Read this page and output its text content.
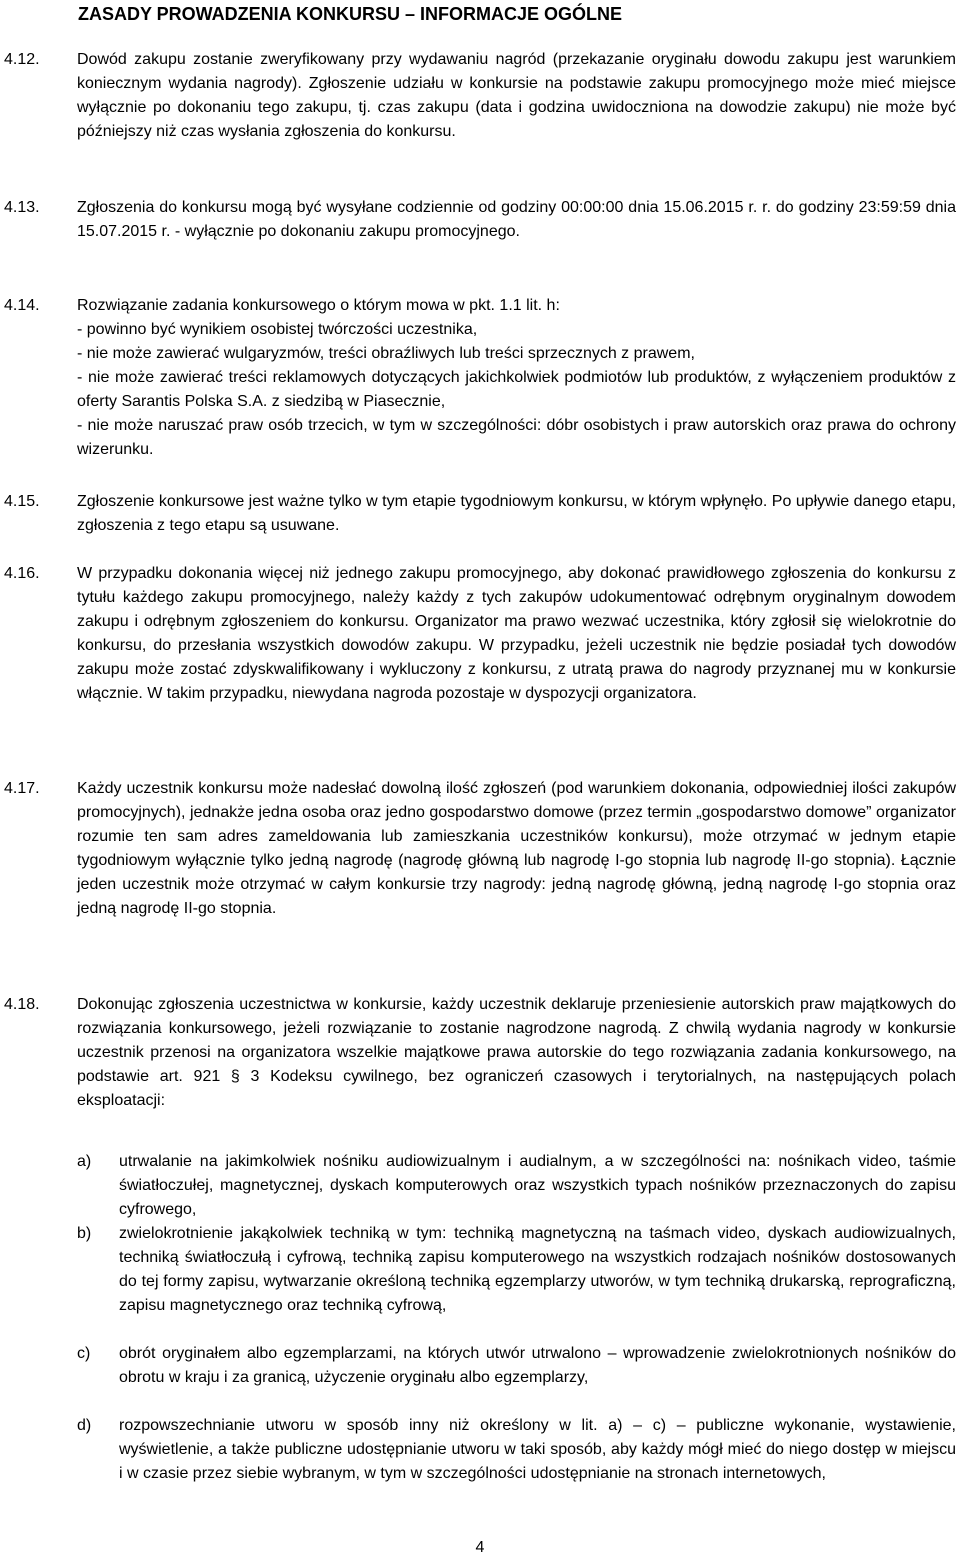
ZASADY PROWADZENIA KONKURSU – INFORMACJE OGÓLNE
4.12. Dowód zakupu zostanie zweryfikowany przy wydawaniu nagród (przekazanie oryginału dowodu zakupu jest warunkiem koniecznym wydania nagrody). Zgłoszenie udziału w konkursie na podstawie zakupu promocyjnego może mieć miejsce wyłącznie po dokonaniu tego zakupu, tj. czas zakupu (data i godzina uwidoczniona na dowodzie zakupu) nie może być późniejszy niż czas wysłania zgłoszenia do konkursu.

4.13. Zgłoszenia do konkursu mogą być wysyłane codziennie od godziny 00:00:00 dnia 15.06.2015 r. r. do godziny 23:59:59 dnia 15.07.2015 r. - wyłącznie po dokonaniu zakupu promocyjnego.

4.14. Rozwiązanie zadania konkursowego o którym mowa w pkt. 1.1 lit. h:

- powinno być wynikiem osobistej twórczości uczestnika,

- nie może zawierać wulgaryzmów, treści obraźliwych lub treści sprzecznych z prawem,

- nie może zawierać treści reklamowych dotyczących jakichkolwiek podmiotów lub produktów, z wyłączeniem produktów z oferty Sarantis Polska S.A. z siedzibą w Piasecznie,

- nie może naruszać praw osób trzecich, w tym w szczególności: dóbr osobistych i praw autorskich oraz prawa do ochrony wizerunku.

4.15. Zgłoszenie konkursowe jest ważne tylko w tym etapie tygodniowym konkursu, w którym wpłynęło. Po upływie danego etapu, zgłoszenia z tego etapu są usuwane.

4.16. W przypadku dokonania więcej niż jednego zakupu promocyjnego, aby dokonać prawidłowego zgłoszenia do konkursu z tytułu każdego zakupu promocyjnego, należy każdy z tych zakupów udokumentować odrębnym oryginalnym dowodem zakupu i odrębnym zgłoszeniem do konkursu. Organizator ma prawo wezwać uczestnika, który zgłosił się wielokrotnie do konkursu, do przesłania wszystkich dowodów zakupu. W przypadku, jeżeli uczestnik nie będzie posiadał tych dowodów zakupu może zostać zdyskwalifikowany i wykluczony z konkursu, z utratą prawa do nagrody przyznanej mu w konkursie włącznie. W takim przypadku, niewydana nagroda pozostaje w dyspozycji organizatora.

4.17. Każdy uczestnik konkursu może nadesłać dowolną ilość zgłoszeń (pod warunkiem dokonania, odpowiedniej ilości zakupów promocyjnych), jednakże jedna osoba oraz jedno gospodarstwo domowe (przez termin „gospodarstwo domowe” organizator rozumie ten sam adres zameldowania lub zamieszkania uczestników konkursu), może otrzymać w jednym etapie tygodniowym wyłącznie tylko jedną nagrodę (nagrodę główną lub nagrodę I-go stopnia lub nagrodę II-go stopnia). Łącznie jeden uczestnik może otrzymać w całym konkursie trzy nagrody: jedną nagrodę główną, jedną nagrodę I-go stopnia oraz jedną nagrodę II-go stopnia.

4.18. Dokonując zgłoszenia uczestnictwa w konkursie, każdy uczestnik deklaruje przeniesienie autorskich praw majątkowych do rozwiązania konkursowego, jeżeli rozwiązanie to zostanie nagrodzone nagrodą. Z chwilą wydania nagrody w konkursie uczestnik przenosi na organizatora wszelkie majątkowe prawa autorskie do tego rozwiązania zadania konkursowego, na podstawie art. 921 § 3 Kodeksu cywilnego, bez ograniczeń czasowych i terytorialnych, na następujących polach eksploatacji:

a) utrwalanie na jakimkolwiek nośniku audiowizualnym i audialnym, a w szczególności na: nośnikach video, taśmie światłoczułej, magnetycznej, dyskach komputerowych oraz wszystkich typach nośników przeznaczonych do zapisu cyfrowego,
b) zwielokrotnienie jakąkolwiek techniką w tym: techniką magnetyczną na taśmach video, dyskach audiowizualnych, techniką światłoczułą i cyfrową, techniką zapisu komputerowego na wszystkich rodzajach nośników dostosowanych do tej formy zapisu, wytwarzanie określoną techniką egzemplarzy utworów, w tym techniką drukarską, reprograficzną, zapisu magnetycznego oraz techniką cyfrową,
c) obrót oryginałem albo egzemplarzami, na których utwór utrwalono – wprowadzenie zwielokrotnionych nośników do obrotu w kraju i za granicą, użyczenie oryginału albo egzemplarzy,
d) rozpowszechnianie utworu w sposób inny niż określony w lit. a) – c) – publiczne wykonanie, wystawienie, wyświetlenie, a także publiczne udostępnianie utworu w taki sposób, aby każdy mógł mieć do niego dostęp w miejscu i w czasie przez siebie wybranym, w tym w szczególności udostępnianie na stronach internetowych,
4
